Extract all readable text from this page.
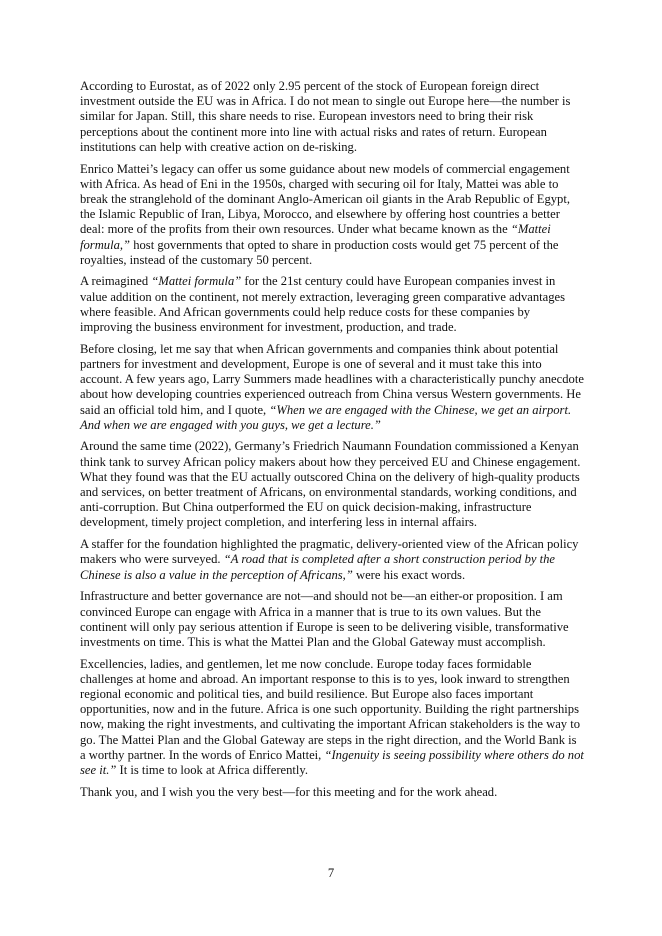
According to Eurostat, as of 2022 only 2.95 percent of the stock of European foreign direct investment outside the EU was in Africa. I do not mean to single out Europe here—the number is similar for Japan. Still, this share needs to rise. European investors need to bring their risk perceptions about the continent more into line with actual risks and rates of return. European institutions can help with creative action on de-risking.

Enrico Mattei’s legacy can offer us some guidance about new models of commercial engagement with Africa. As head of Eni in the 1950s, charged with securing oil for Italy, Mattei was able to break the stranglehold of the dominant Anglo-American oil giants in the Arab Republic of Egypt, the Islamic Republic of Iran, Libya, Morocco, and elsewhere by offering host countries a better deal: more of the profits from their own resources. Under what became known as the “Mattei formula,” host governments that opted to share in production costs would get 75 percent of the royalties, instead of the customary 50 percent.

A reimagined “Mattei formula” for the 21st century could have European companies invest in value addition on the continent, not merely extraction, leveraging green comparative advantages where feasible. And African governments could help reduce costs for these companies by improving the business environment for investment, production, and trade.

Before closing, let me say that when African governments and companies think about potential partners for investment and development, Europe is one of several and it must take this into account. A few years ago, Larry Summers made headlines with a characteristically punchy anecdote about how developing countries experienced outreach from China versus Western governments. He said an official told him, and I quote, “When we are engaged with the Chinese, we get an airport. And when we are engaged with you guys, we get a lecture.”

Around the same time (2022), Germany’s Friedrich Naumann Foundation commissioned a Kenyan think tank to survey African policy makers about how they perceived EU and Chinese engagement. What they found was that the EU actually outscored China on the delivery of high-quality products and services, on better treatment of Africans, on environmental standards, working conditions, and anti-corruption. But China outperformed the EU on quick decision-making, infrastructure development, timely project completion, and interfering less in internal affairs.

A staffer for the foundation highlighted the pragmatic, delivery-oriented view of the African policy makers who were surveyed. “A road that is completed after a short construction period by the Chinese is also a value in the perception of Africans,” were his exact words.

Infrastructure and better governance are not—and should not be—an either-or proposition. I am convinced Europe can engage with Africa in a manner that is true to its own values. But the continent will only pay serious attention if Europe is seen to be delivering visible, transformative investments on time. This is what the Mattei Plan and the Global Gateway must accomplish.

Excellencies, ladies, and gentlemen, let me now conclude. Europe today faces formidable challenges at home and abroad. An important response to this is to yes, look inward to strengthen regional economic and political ties, and build resilience. But Europe also faces important opportunities, now and in the future. Africa is one such opportunity. Building the right partnerships now, making the right investments, and cultivating the important African stakeholders is the way to go. The Mattei Plan and the Global Gateway are steps in the right direction, and the World Bank is a worthy partner. In the words of Enrico Mattei, “Ingenuity is seeing possibility where others do not see it.” It is time to look at Africa differently.

Thank you, and I wish you the very best—for this meeting and for the work ahead.

7
